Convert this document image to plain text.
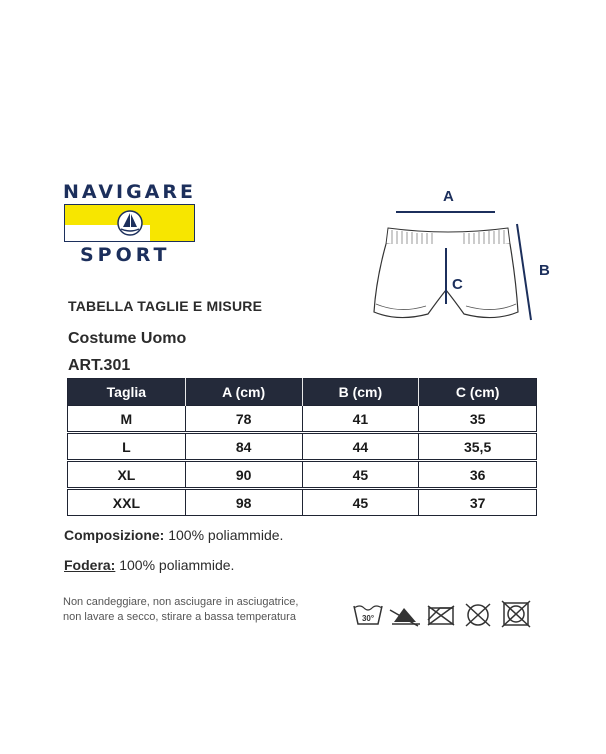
NAVIGARE
SPORT
A
B
C
TABELLA TAGLIE E MISURE
Costume Uomo
ART.301
Taglia	A (cm)	B (cm)	C (cm)
M	78	41	35
L	84	44	35,5
XL	90	45	36
XXL	98	45	37
Composizione: 100% poliammide.
Fodera: 100% poliammide.
Non candeggiare, non asciugare in asciugatrice,
non lavare a secco, stirare a bassa temperatura	30°
